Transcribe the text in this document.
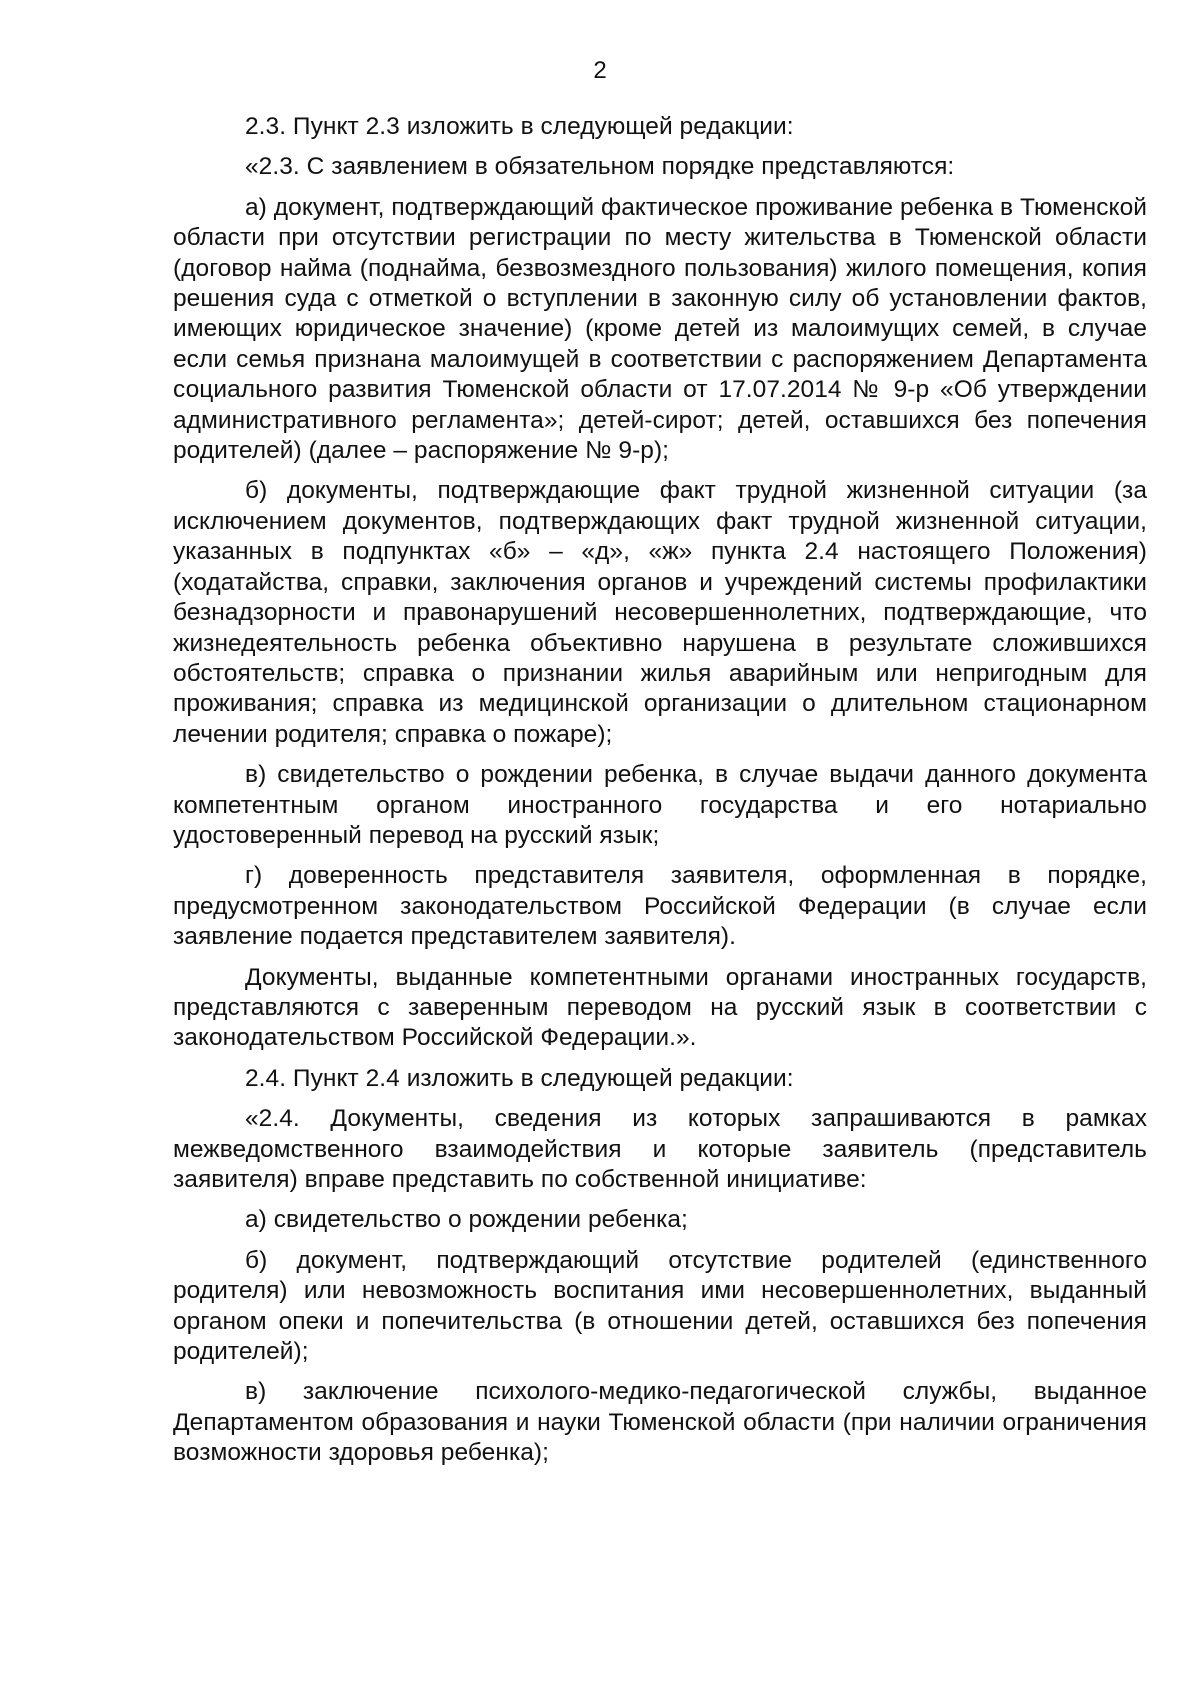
2

2.3. Пункт 2.3 изложить в следующей редакции:

«2.3. С заявлением в обязательном порядке представляются:

а) документ, подтверждающий фактическое проживание ребенка в Тюменской области при отсутствии регистрации по месту жительства в Тюменской области (договор найма (поднайма, безвозмездного пользования) жилого помещения, копия решения суда с отметкой о вступлении в законную силу об установлении фактов, имеющих юридическое значение) (кроме детей из малоимущих семей, в случае если семья признана малоимущей в соответствии с распоряжением Департамента социального развития Тюменской области от 17.07.2014 № 9-р «Об утверждении административного регламента»; детей-сирот; детей, оставшихся без попечения родителей) (далее – распоряжение № 9-р);

б) документы, подтверждающие факт трудной жизненной ситуации (за исключением документов, подтверждающих факт трудной жизненной ситуации, указанных в подпунктах «б» – «д», «ж» пункта 2.4 настоящего Положения) (ходатайства, справки, заключения органов и учреждений системы профилактики безнадзорности и правонарушений несовершеннолетних, подтверждающие, что жизнедеятельность ребенка объективно нарушена в результате сложившихся обстоятельств; справка о признании жилья аварийным или непригодным для проживания; справка из медицинской организации о длительном стационарном лечении родителя; справка о пожаре);

в) свидетельство о рождении ребенка, в случае выдачи данного документа компетентным органом иностранного государства и его нотариально удостоверенный перевод на русский язык;

г) доверенность представителя заявителя, оформленная в порядке, предусмотренном законодательством Российской Федерации (в случае если заявление подается представителем заявителя).

Документы, выданные компетентными органами иностранных государств, представляются с заверенным переводом на русский язык в соответствии с законодательством Российской Федерации.».

2.4. Пункт 2.4 изложить в следующей редакции:

«2.4. Документы, сведения из которых запрашиваются в рамках межведомственного взаимодействия и которые заявитель (представитель заявителя) вправе представить по собственной инициативе:

а) свидетельство о рождении ребенка;

б) документ, подтверждающий отсутствие родителей (единственного родителя) или невозможность воспитания ими несовершеннолетних, выданный органом опеки и попечительства (в отношении детей, оставшихся без попечения родителей);

в) заключение психолого-медико-педагогической службы, выданное Департаментом образования и науки Тюменской области (при наличии ограничения возможности здоровья ребенка);
